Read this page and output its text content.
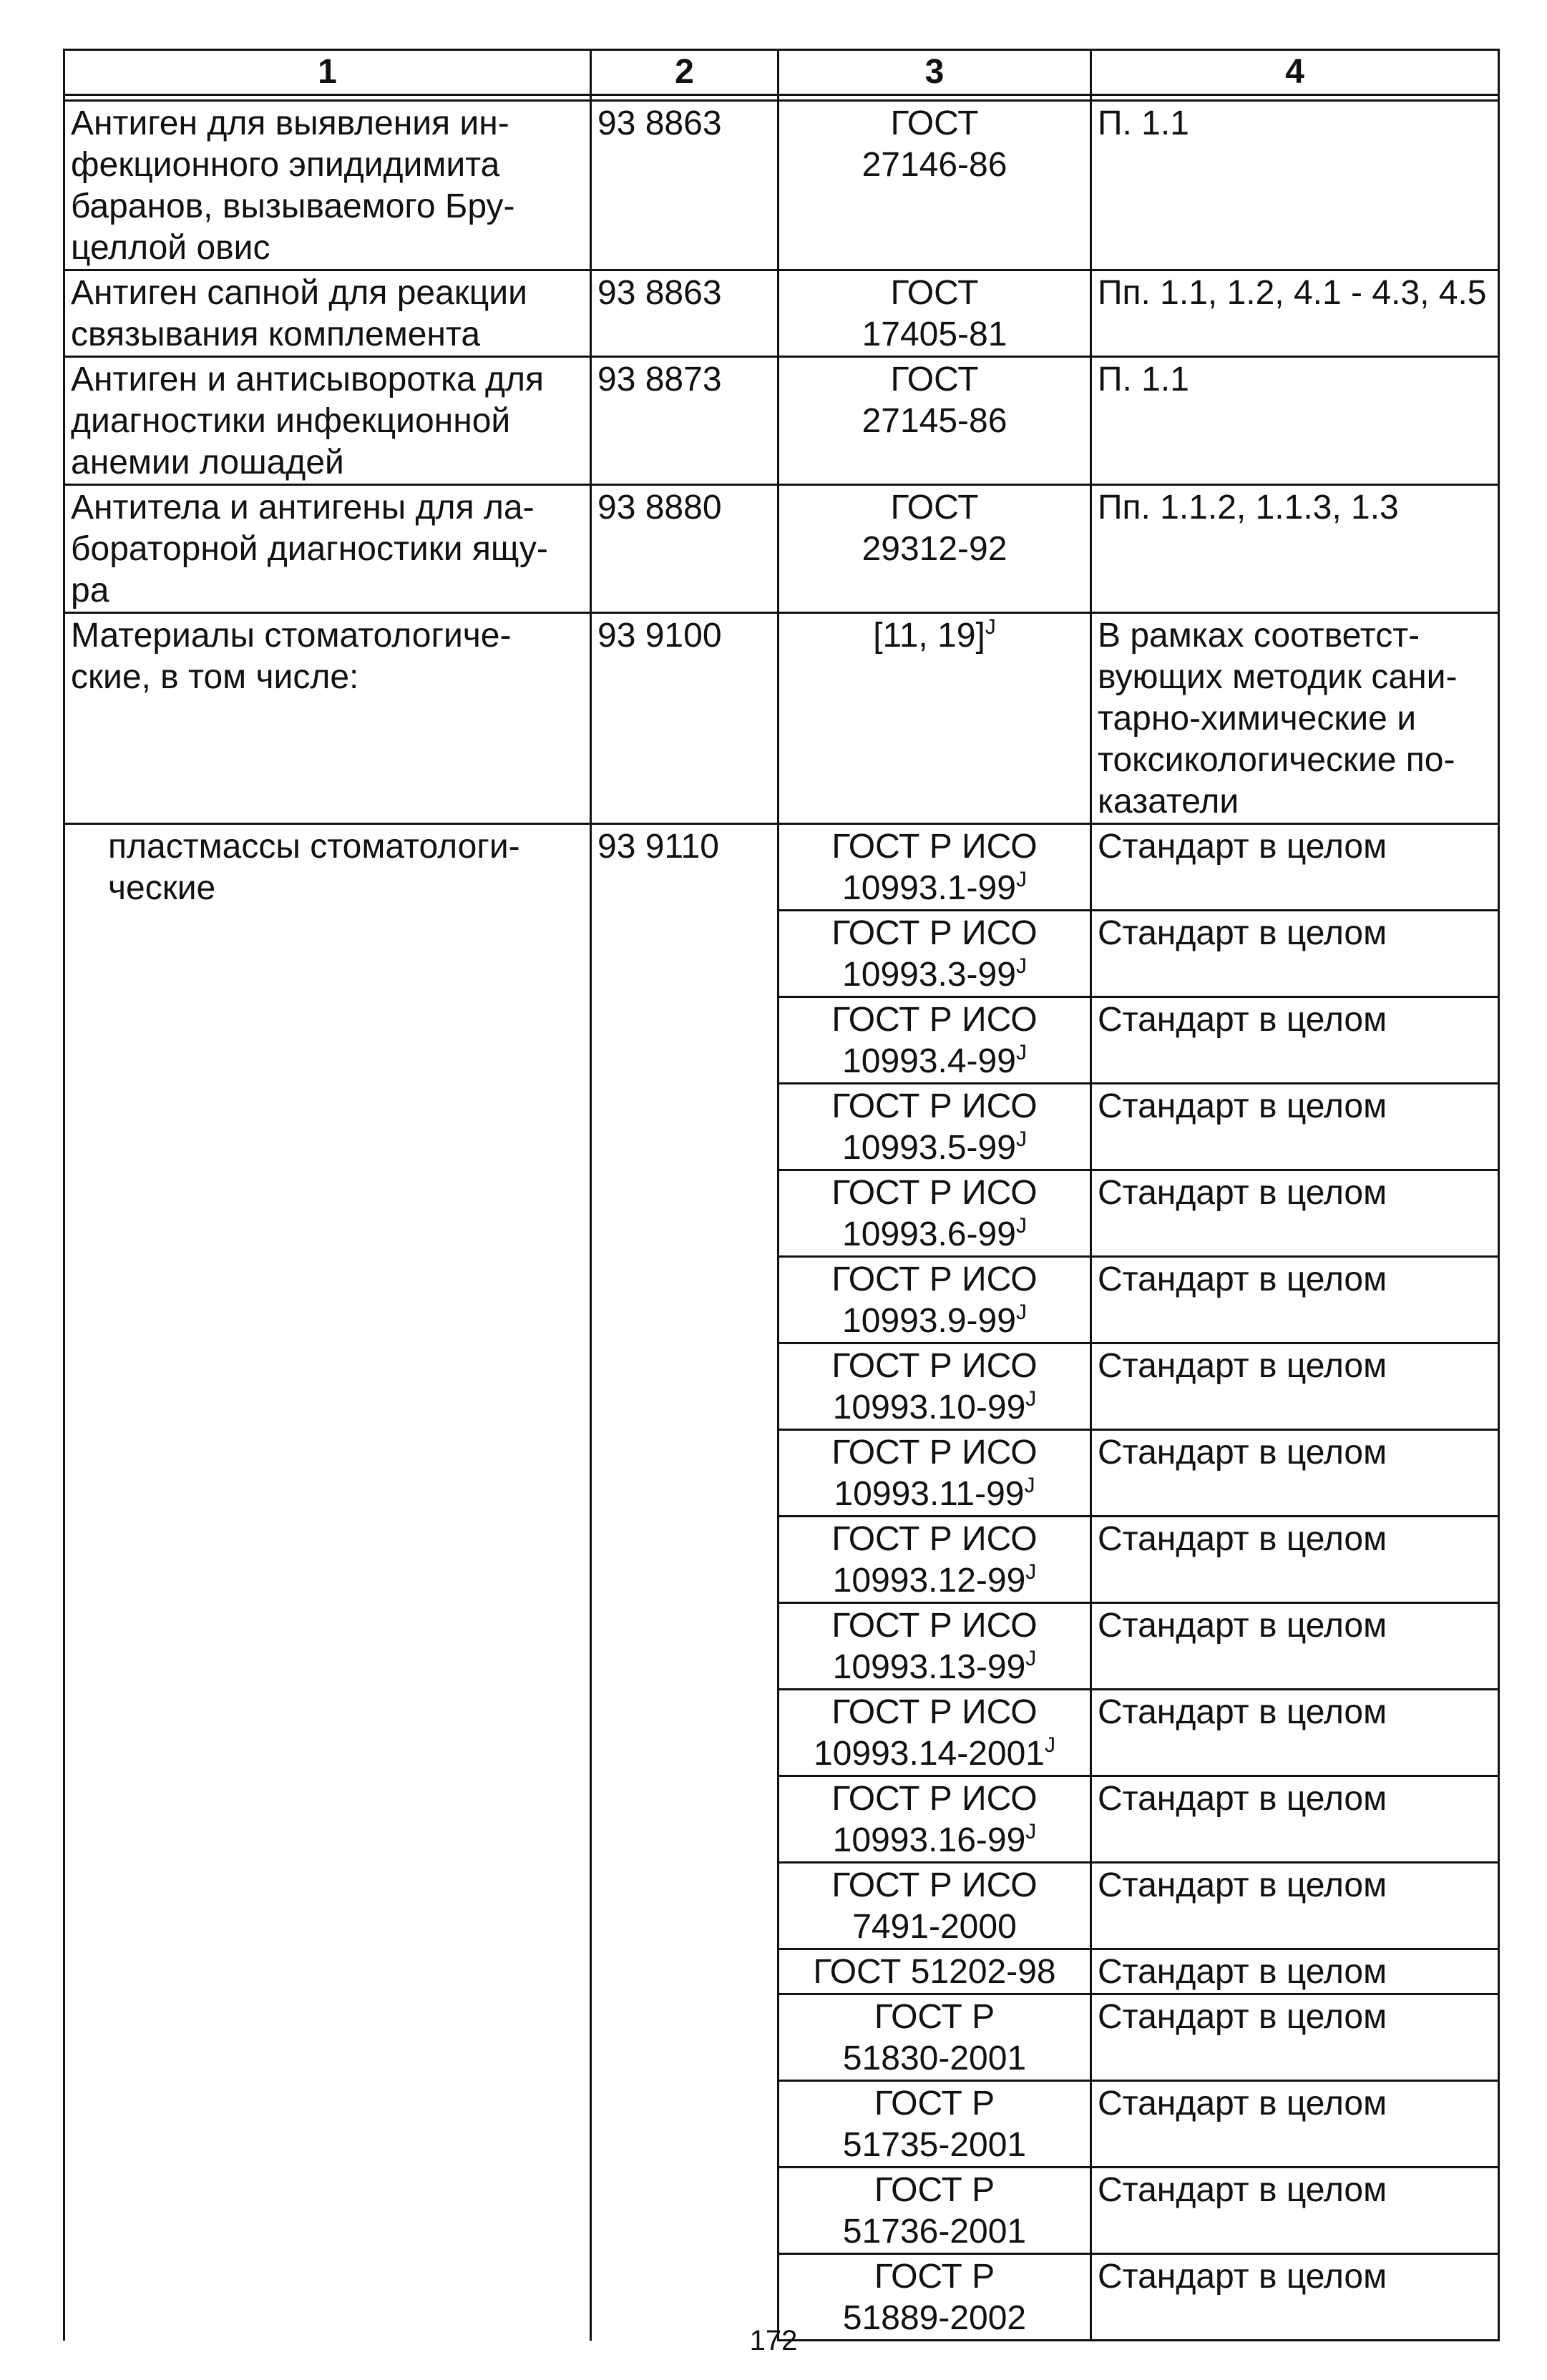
1	2	3	4

Антиген для выявления ин-фекционного эпидидимита баранов, вызываемого Бру-целлой овис	93 8863	ГОСТ
27146-86	П. 1.1
Антиген сапной для реакции связывания комплемента	93 8863	ГОСТ
17405-81	Пп. 1.1, 1.2, 4.1 - 4.3, 4.5
Антиген и антисыворотка для диагностики инфекционной анемии лошадей	93 8873	ГОСТ
27145-86	П. 1.1
Антитела и антигены для ла-бораторной диагностики ящу-ра	93 8880	ГОСТ
29312-92	Пп. 1.1.2, 1.1.3, 1.3
Материалы стоматологиче-ские, в том числе:	93 9100	[11, 19]$^J$	В рамках соответст-вующих методик сани-тарно-химические и токсикологические по-казатели
пластмассы стоматологи-ческие	93 9110	ГОСТ Р ИСО
$10993.1-99^J$	Стандарт в целом
		ГОСТ Р ИСО
$10993.3-99^J$	Стандарт в целом
		ГОСТ Р ИСО
$10993.4-99^J$	Стандарт в целом
		ГОСТ Р ИСО
$10993.5-99^J$	Стандарт в целом
		ГОСТ Р ИСО
$10993.6-99^J$	Стандарт в целом
		ГОСТ Р ИСО
$10993.9-99^J$	Стандарт в целом
		ГОСТ Р ИСО
$10993.10-99^J$	Стандарт в целом
		ГОСТ Р ИСО
$10993.11-99^J$	Стандарт в целом
		ГОСТ Р ИСО
$10993.12-99^J$	Стандарт в целом
		ГОСТ Р ИСО
$10993.13-99^J$	Стандарт в целом
		ГОСТ Р ИСО
$10993.14-2001^J$	Стандарт в целом
		ГОСТ Р ИСО
$10993.16-99^J$	Стандарт в целом
		ГОСТ Р ИСО
7491-2000	Стандарт в целом
		ГОСТ 51202-98	Стандарт в целом
		ГОСТ Р
51830-2001	Стандарт в целом
		ГОСТ Р
51735-2001	Стандарт в целом
		ГОСТ Р
51736-2001	Стандарт в целом
		ГОСТ Р
51889-2002	Стандарт в целом
172
